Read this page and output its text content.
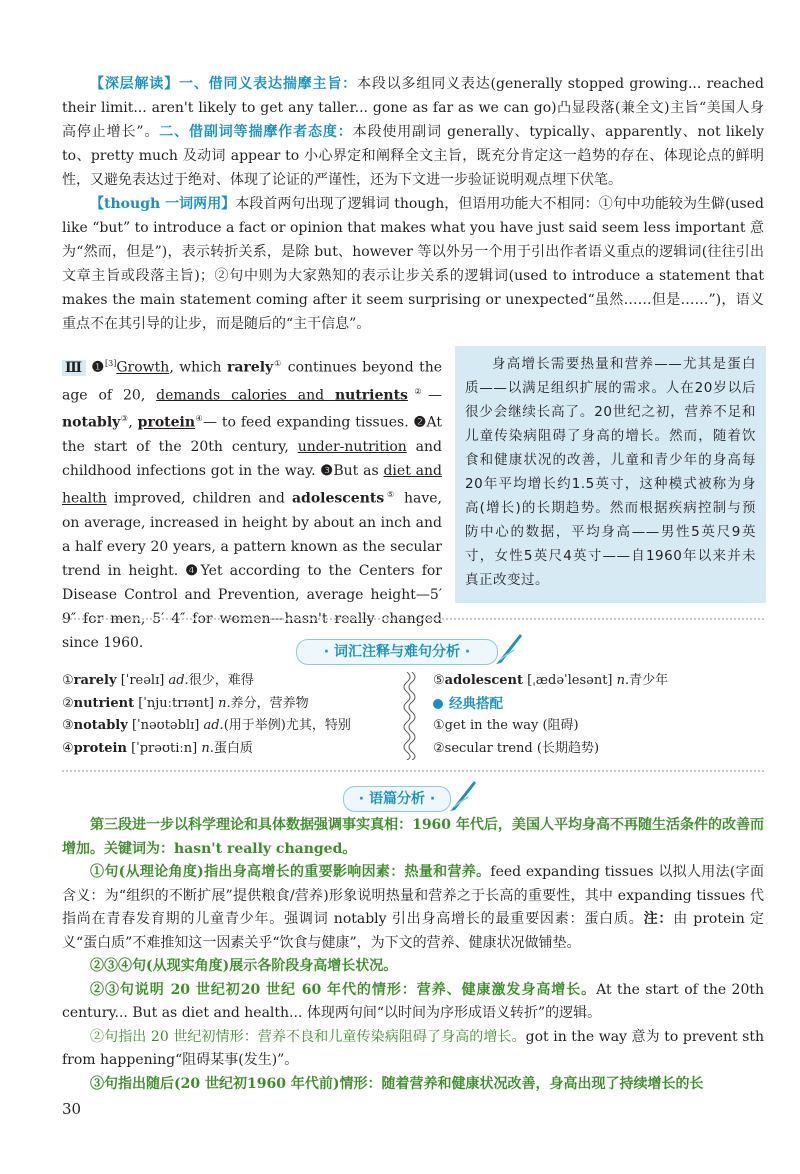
【深层解读】一、借同义表达揣摩主旨：本段以多组同义表达(generally stopped growing... reached their limit... aren't likely to get any taller... gone as far as we can go)凸显段落(兼全文)主旨“美国人身高停止增长”。二、借副词等揣摩作者态度：本段使用副词 generally、typically、apparently、not likely to、pretty much 及动词 appear to 小心界定和阐释全文主旨，既充分肯定这一趋势的存在、体现论点的鲜明性，又避免表达过于绝对、体现了论证的严谨性，还为下文进一步验证说明观点埋下伏笔。

【though 一词两用】本段首两句出现了逻辑词 though，但语用功能大不相同：①句中功能较为生僻(used like “but” to introduce a fact or opinion that makes what you have just said seem less important 意为“然而，但是”)，表示转折关系，是除 but、however 等以外另一个用于引出作者语义重点的逻辑词(往往引出文章主旨或段落主旨)；②句中则为大家熟知的表示让步关系的逻辑词(used to introduce a statement that makes the main statement coming after it seem surprising or unexpected“虽然……但是……”)，语义重点不在其引导的让步，而是随后的“主干信息”。

Ⅲ ❶[3]Growth, which rarely① continues beyond the age of 20, demands calories and nutrients②—notably③, protein④— to feed expanding tissues. ❷At the start of the 20th century, under-nutrition and childhood infections got in the way. ❸But as diet and health improved, children and adolescents⑤ have, on average, increased in height by about an inch and a half every 20 years, a pattern known as the secular trend in height. ❹Yet according to the Centers for Disease Control and Prevention, average height—5′ 9″ for men, 5′ 4″ for women—hasn't really changed since 1960.
身高增长需要热量和营养——尤其是蛋白质——以满足组织扩展的需求。人在20岁以后很少会继续长高了。20世纪之初，营养不足和儿童传染病阻碍了身高的增长。然而，随着饮食和健康状况的改善，儿童和青少年的身高每20年平均增长约1.5英寸，这种模式被称为身高(增长)的长期趋势。然而根据疾病控制与预防中心的数据，平均身高——男性5英尺9英寸，女性5英尺4英寸——自1960年以来并未真正改变过。
· 词汇注释与难句分析 ·
①rarely [ˈreəlɪ] ad.很少，难得
②nutrient [ˈnjuːtrɪənt] n.养分，营养物
③notably [ˈnəʊtəblɪ] ad.(用于举例)尤其，特别
④protein [ˈprəʊtiːn] n.蛋白质
⑤adolescent [ˌædəˈlesənt] n.青少年
经典搭配
①get in the way (阻碍)
②secular trend (长期趋势)
· 语篇分析 ·

第三段进一步以科学理论和具体数据强调事实真相：1960 年代后，美国人平均身高不再随生活条件的改善而增加。关键词为：hasn't really changed。

①句(从理论角度)指出身高增长的重要影响因素：热量和营养。feed expanding tissues 以拟人用法(字面含义：为“组织的不断扩展”提供粮食/营养)形象说明热量和营养之于长高的重要性，其中 expanding tissues 代指尚在青春发育期的儿童青少年。强调词 notably 引出身高增长的最重要因素：蛋白质。注：由 protein 定义“蛋白质”不难推知这一因素关乎“饮食与健康”，为下文的营养、健康状况做铺垫。

②③④句(从现实角度)展示各阶段身高增长状况。

②③句说明 20 世纪初20 世纪 60 年代的情形：营养、健康激发身高增长。At the start of the 20th century... But as diet and health... 体现两句间“以时间为序形成语义转折”的逻辑。

②句指出 20 世纪初情形：营养不良和儿童传染病阻碍了身高的增长。got in the way 意为 to prevent sth from happening“阻碍某事(发生)”。

③句指出随后(20 世纪初1960 年代前)情形：随着营养和健康状况改善，身高出现了持续增长的长

30
